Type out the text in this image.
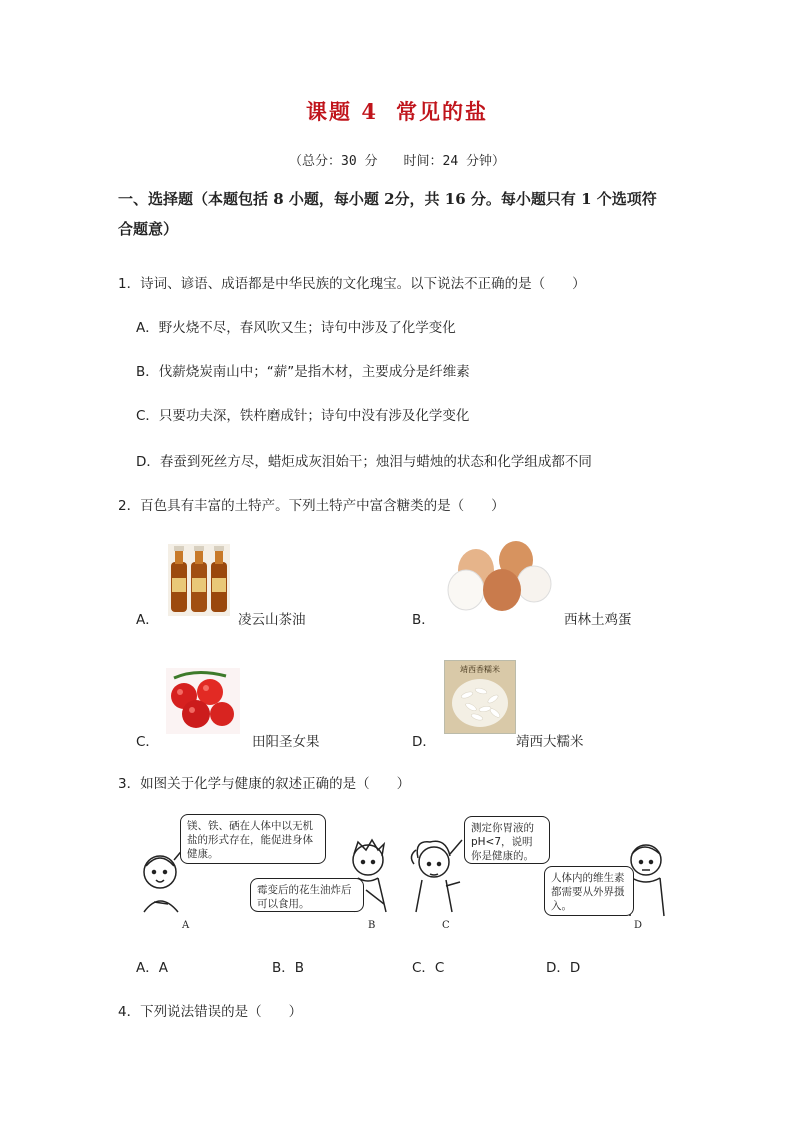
课题 4 常见的盐
（总分：30 分　　时间：24 分钟）
一、选择题（本题包括 8 小题，每小题 2分，共 16 分。每小题只有 1 个选项符
合题意）
1．诗词、谚语、成语都是中华民族的文化瑰宝。以下说法不正确的是（　　）
A．野火烧不尽，春风吹又生；诗句中涉及了化学变化
B．伐薪烧炭南山中；“薪”是指木材，主要成分是纤维素
C．只要功夫深，铁杵磨成针；诗句中没有涉及化学变化
D．春蚕到死丝方尽，蜡炬成灰泪始干；烛泪与蜡烛的状态和化学组成都不同
2．百色具有丰富的土特产。下列土特产中富含糖类的是（　　）
A．	凌云山茶油	B．	西林土鸡蛋
C．	田阳圣女果
靖西香糯米
D．	靖西大糯米
3．如图关于化学与健康的叙述正确的是（　　）
镁、铁、硒在人体中以无机盐的形式存在，能促进身体健康。
霉变后的花生油炸后可以食用。
测定你胃液的pH<7，说明你是健康的。
人体内的维生素都需要从外界摄入。
A	B	C	D
A．A	B．B	C．C	D．D
4．下列说法错误的是（　　）
